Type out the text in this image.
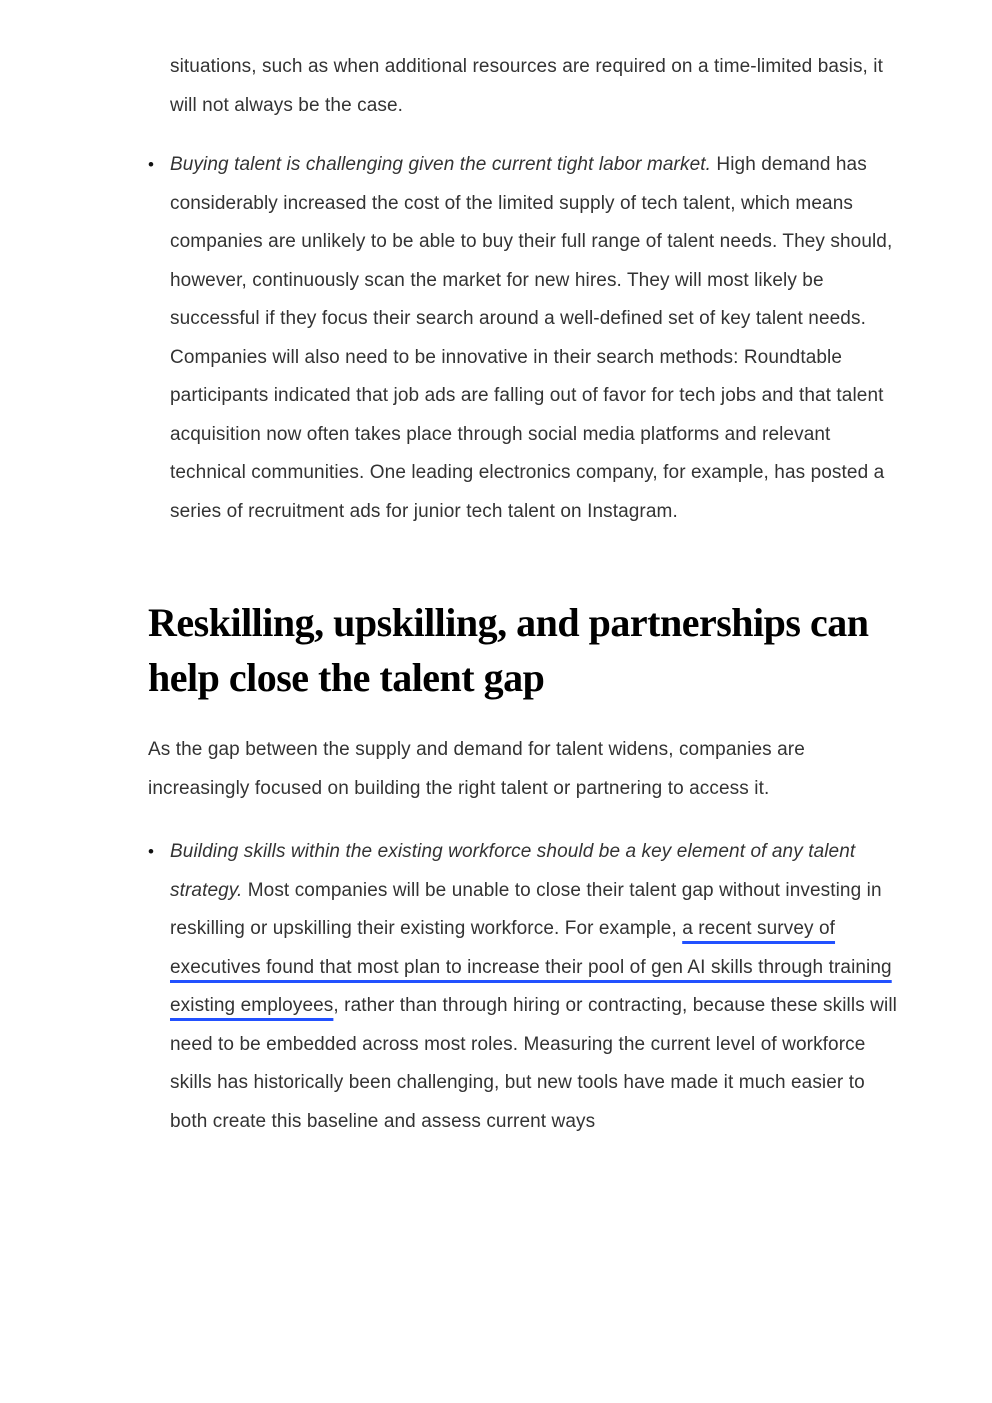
situations, such as when additional resources are required on a time-limited basis, it will not always be the case.

• Buying talent is challenging given the current tight labor market. High demand has considerably increased the cost of the limited supply of tech talent, which means companies are unlikely to be able to buy their full range of talent needs. They should, however, continuously scan the market for new hires. They will most likely be successful if they focus their search around a well-defined set of key talent needs. Companies will also need to be innovative in their search methods: Roundtable participants indicated that job ads are falling out of favor for tech jobs and that talent acquisition now often takes place through social media platforms and relevant technical communities. One leading electronics company, for example, has posted a series of recruitment ads for junior tech talent on Instagram.

Reskilling, upskilling, and partnerships can help close the talent gap

As the gap between the supply and demand for talent widens, companies are increasingly focused on building the right talent or partnering to access it.

• Building skills within the existing workforce should be a key element of any talent strategy. Most companies will be unable to close their talent gap without investing in reskilling or upskilling their existing workforce. For example, a recent survey of executives found that most plan to increase their pool of gen AI skills through training existing employees, rather than through hiring or contracting, because these skills will need to be embedded across most roles. Measuring the current level of workforce skills has historically been challenging, but new tools have made it much easier to both create this baseline and assess current ways
